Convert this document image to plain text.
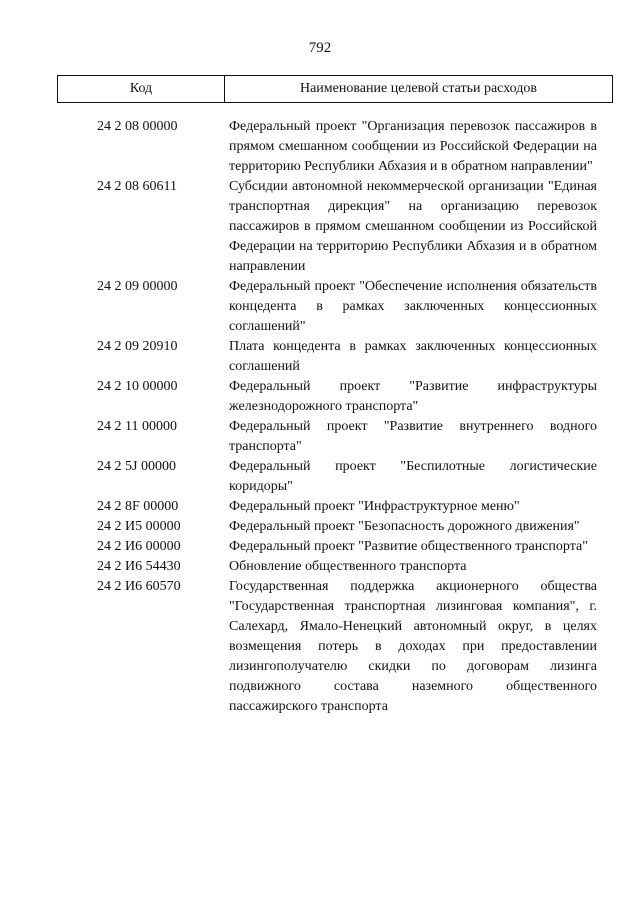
792
Код	Наименование целевой статьи расходов
24 2 08 00000	Федеральный проект "Организация перевозок пассажиров в прямом смешанном сообщении из Российской Федерации на территорию Республики Абхазия и в обратном направлении"
24 2 08 60611	Субсидии автономной некоммерческой организации "Единая транспортная дирекция" на организацию перевозок пассажиров в прямом смешанном сообщении из Российской Федерации на территорию Республики Абхазия и в обратном направлении
24 2 09 00000	Федеральный проект "Обеспечение исполнения обязательств концедента в рамках заключенных концессионных соглашений"
24 2 09 20910	Плата концедента в рамках заключенных концессионных соглашений
24 2 10 00000	Федеральный проект "Развитие инфраструктуры железнодорожного транспорта"
24 2 11 00000	Федеральный проект "Развитие внутреннего водного транспорта"
24 2 5J 00000	Федеральный проект "Беспилотные логистические коридоры"
24 2 8F 00000	Федеральный проект "Инфраструктурное меню"
24 2 И5 00000	Федеральный проект "Безопасность дорожного движения"
24 2 И6 00000	Федеральный проект "Развитие общественного транспорта"
24 2 И6 54430	Обновление общественного транспорта
24 2 И6 60570	Государственная поддержка акционерного общества "Государственная транспортная лизинговая компания", г. Салехард, Ямало-Ненецкий автономный округ, в целях возмещения потерь в доходах при предоставлении лизингополучателю скидки по договорам лизинга подвижного состава наземного общественного пассажирского транспорта
